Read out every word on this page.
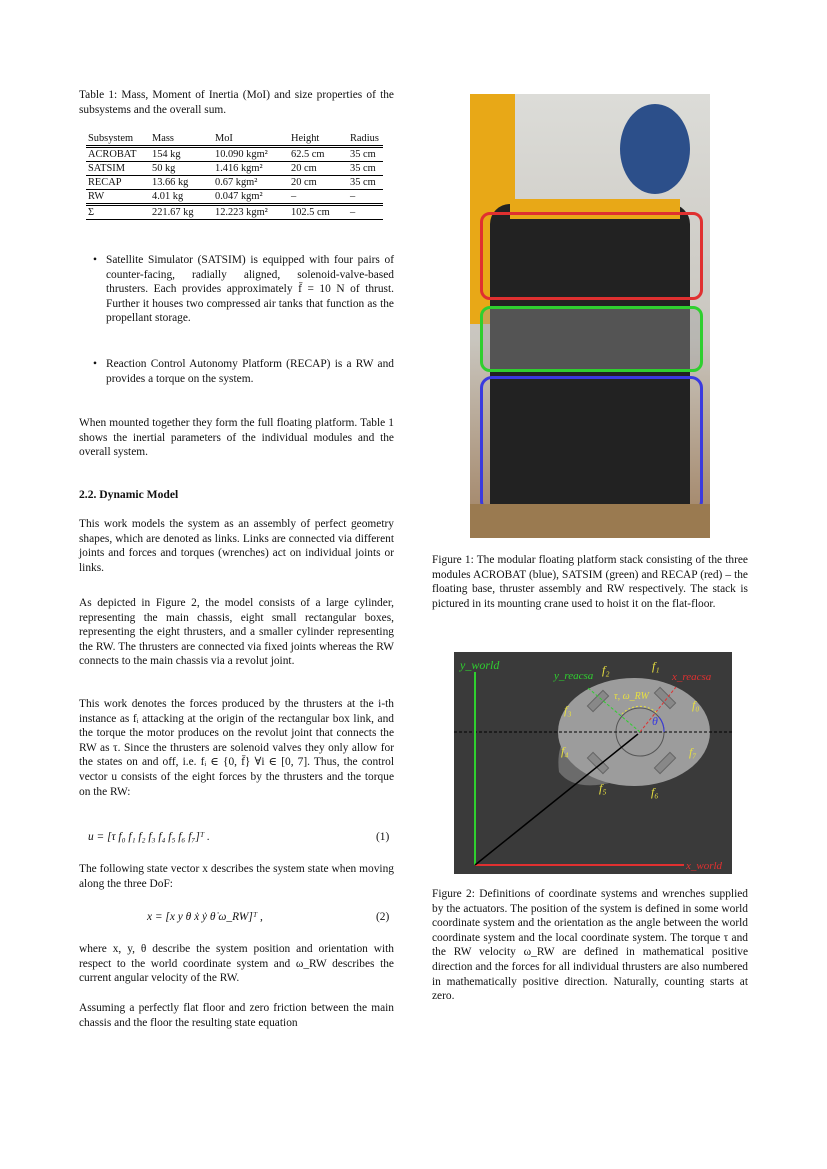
Table 1: Mass, Moment of Inertia (MoI) and size properties of the subsystems and the overall sum.
Subsystem	Mass	MoI	Height	Radius
ACROBAT	154 kg	10.090 kgm²	62.5 cm	35 cm
SATSIM	50 kg	1.416 kgm²	20 cm	35 cm
RECAP	13.66 kg	0.67 kgm²	20 cm	35 cm
RW	4.01 kg	0.047 kgm²	–	–
Σ	221.67 kg	12.223 kgm²	102.5 cm	–
• Satellite Simulator (SATSIM) is equipped with four pairs of counter-facing, radially aligned, solenoid-valve-based thrusters. Each provides approximately f̄ = 10 N of thrust. Further it houses two compressed air tanks that function as the propellant storage.
• Reaction Control Autonomy Platform (RECAP) is a RW and provides a torque on the system.
When mounted together they form the full floating platform. Table 1 shows the inertial parameters of the individual modules and the overall system.
2.2. Dynamic Model
This work models the system as an assembly of perfect geometry shapes, which are denoted as links. Links are connected via different joints and forces and torques (wrenches) act on individual joints or links.
As depicted in Figure 2, the model consists of a large cylinder, representing the main chassis, eight small rectangular boxes, representing the eight thrusters, and a smaller cylinder representing the RW. The thrusters are connected via fixed joints whereas the RW connects to the main chassis via a revolut joint.
This work denotes the forces produced by the thrusters at the i-th instance as fᵢ attacking at the origin of the rectangular box link, and the torque the motor produces on the revolut joint that connects the RW as τ. Since the thrusters are solenoid valves they only allow for the states on and off, i.e. fᵢ ∈ {0, f̄} ∀i ∈ [0, 7]. Thus, the control vector u consists of the eight forces by the thrusters and the torque on the RW:
u = [τ f₀ f₁ f₂ f₃ f₄ f₅ f₆ f₇]ᵀ .	(1)
The following state vector x describes the system state when moving along the three DoF:
x = [x y θ ẋ ẏ θ̇ ω_RW]ᵀ ,	(2)
where x, y, θ describe the system position and orientation with respect to the world coordinate system and ω_RW describes the current angular velocity of the RW.
Assuming a perfectly flat floor and zero friction between the main chassis and the floor the resulting state equation
Figure 1: The modular floating platform stack consisting of the three modules ACROBAT (blue), SATSIM (green) and RECAP (red) – the floating base, thruster assembly and RW respectively. The stack is pictured in its mounting crane used to hoist it on the flat-floor.
y_world
x_world
y_reacsa	x_reacsa
τ, ω_RW
θ
f₀
f₁
f₂
f₃
f₄
f₅	f₆
f₇
Figure 2: Definitions of coordinate systems and wrenches supplied by the actuators. The position of the system is defined in some world coordinate system and the orientation as the angle between the world coordinate system and the local coordinate system. The torque τ and the RW velocity ω_RW are defined in mathematical positive direction and the forces for all individual thrusters are also numbered in mathematically positive direction. Naturally, counting starts at zero.
